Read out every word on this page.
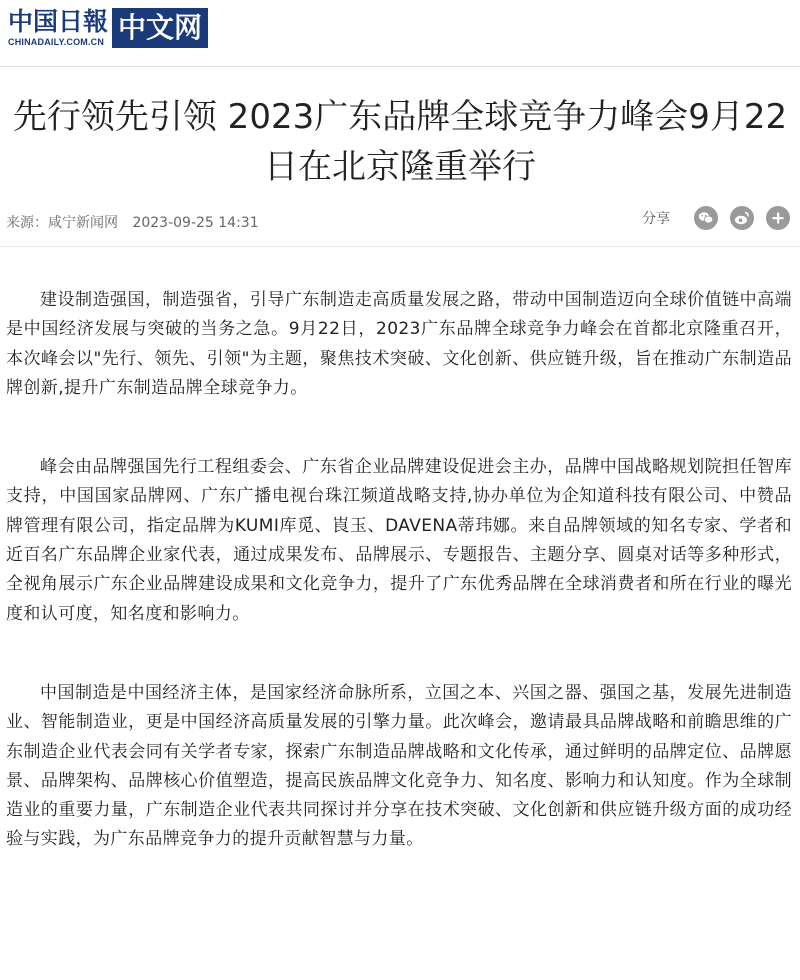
中国日報
CHINADAILY.COM.CN 中文网
先行领先引领 2023广东品牌全球竞争力峰会9月22日在北京隆重举行
来源：咸宁新闻网 2023-09-25 14:31	分享

建设制造强国，制造强省，引导广东制造走高质量发展之路，带动中国制造迈向全球价值链中高端是中国经济发展与突破的当务之急。9月22日，2023广东品牌全球竞争力峰会在首都北京隆重召开，本次峰会以"先行、领先、引领"为主题，聚焦技术突破、文化创新、供应链升级，旨在推动广东制造品牌创新,提升广东制造品牌全球竞争力。

峰会由品牌强国先行工程组委会、广东省企业品牌建设促进会主办，品牌中国战略规划院担任智库支持，中国国家品牌网、广东广播电视台珠江频道战略支持,协办单位为企知道科技有限公司、中赞品牌管理有限公司，指定品牌为KUMI库觅、崀玉、DAVENA蒂玮娜。来自品牌领域的知名专家、学者和近百名广东品牌企业家代表，通过成果发布、品牌展示、专题报告、主题分享、圆桌对话等多种形式，全视角展示广东企业品牌建设成果和文化竞争力，提升了广东优秀品牌在全球消费者和所在行业的曝光度和认可度，知名度和影响力。

中国制造是中国经济主体，是国家经济命脉所系，立国之本、兴国之器、强国之基，发展先进制造业、智能制造业，更是中国经济高质量发展的引擎力量。此次峰会，邀请最具品牌战略和前瞻思维的广东制造企业代表会同有关学者专家，探索广东制造品牌战略和文化传承，通过鲜明的品牌定位、品牌愿景、品牌架构、品牌核心价值塑造，提高民族品牌文化竞争力、知名度、影响力和认知度。作为全球制造业的重要力量，广东制造企业代表共同探讨并分享在技术突破、文化创新和供应链升级方面的成功经验与实践，为广东品牌竞争力的提升贡献智慧与力量。
